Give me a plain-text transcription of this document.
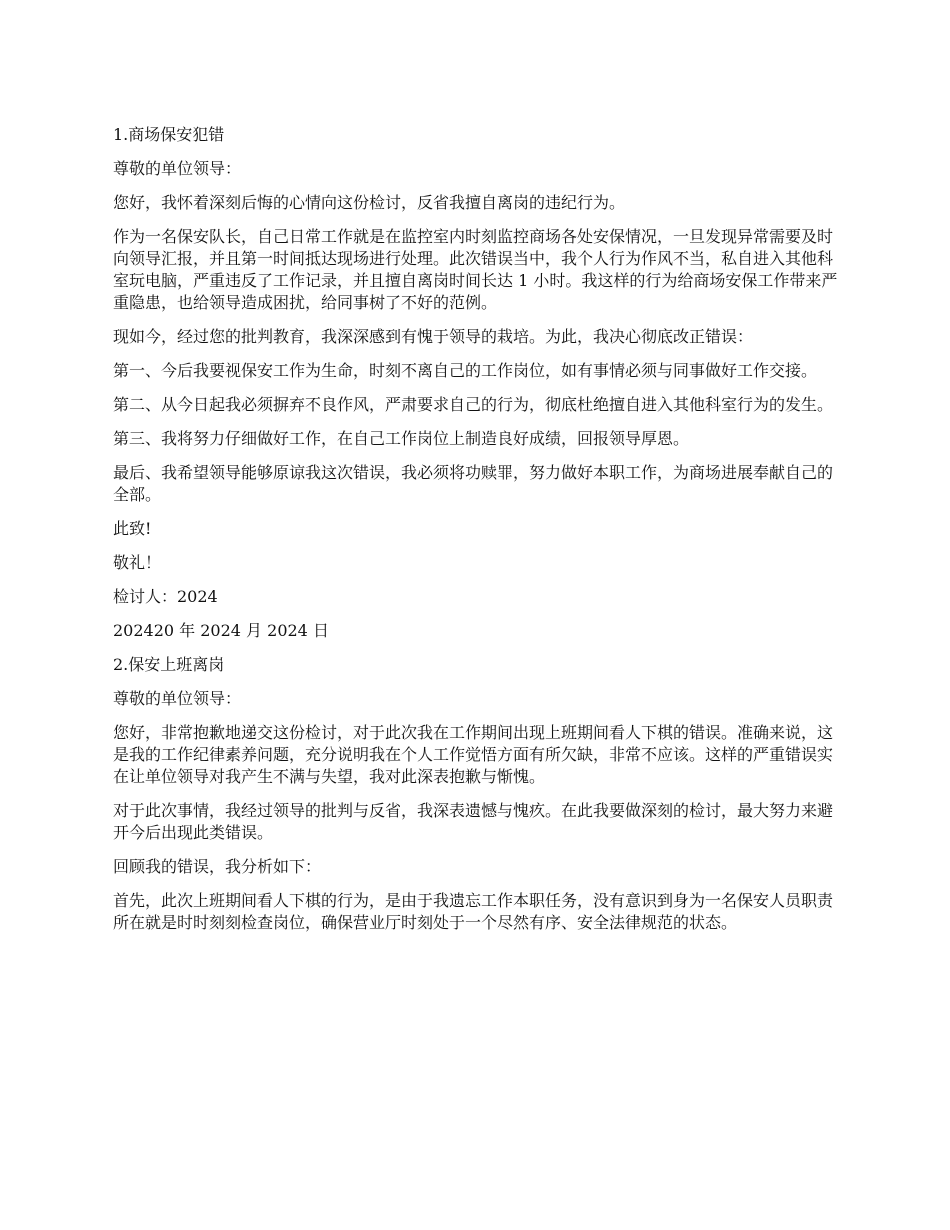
1.商场保安犯错

尊敬的单位领导：

您好，我怀着深刻后悔的心情向这份检讨，反省我擅自离岗的违纪行为。

作为一名保安队长，自己日常工作就是在监控室内时刻监控商场各处安保情况，一旦发现异常需要及时向领导汇报，并且第一时间抵达现场进行处理。此次错误当中，我个人行为作风不当，私自进入其他科室玩电脑，严重违反了工作记录，并且擅自离岗时间长达 1 小时。我这样的行为给商场安保工作带来严重隐患，也给领导造成困扰，给同事树了不好的范例。

现如今，经过您的批判教育，我深深感到有愧于领导的栽培。为此，我决心彻底改正错误：

第一、今后我要视保安工作为生命，时刻不离自己的工作岗位，如有事情必须与同事做好工作交接。

第二、从今日起我必须摒弃不良作风，严肃要求自己的行为，彻底杜绝擅自进入其他科室行为的发生。

第三、我将努力仔细做好工作，在自己工作岗位上制造良好成绩，回报领导厚恩。

最后、我希望领导能够原谅我这次错误，我必须将功赎罪，努力做好本职工作，为商场进展奉献自己的全部。

此致!

敬礼！

检讨人：2024

202420 年 2024 月 2024 日

2.保安上班离岗

尊敬的单位领导：

您好，非常抱歉地递交这份检讨，对于此次我在工作期间出现上班期间看人下棋的错误。准确来说，这是我的工作纪律素养问题，充分说明我在个人工作觉悟方面有所欠缺，非常不应该。这样的严重错误实在让单位领导对我产生不满与失望，我对此深表抱歉与惭愧。

对于此次事情，我经过领导的批判与反省，我深表遗憾与愧疚。在此我要做深刻的检讨，最大努力来避开今后出现此类错误。

回顾我的错误，我分析如下：

首先，此次上班期间看人下棋的行为，是由于我遗忘工作本职任务，没有意识到身为一名保安人员职责所在就是时时刻刻检查岗位，确保营业厅时刻处于一个尽然有序、安全法律规范的状态。
